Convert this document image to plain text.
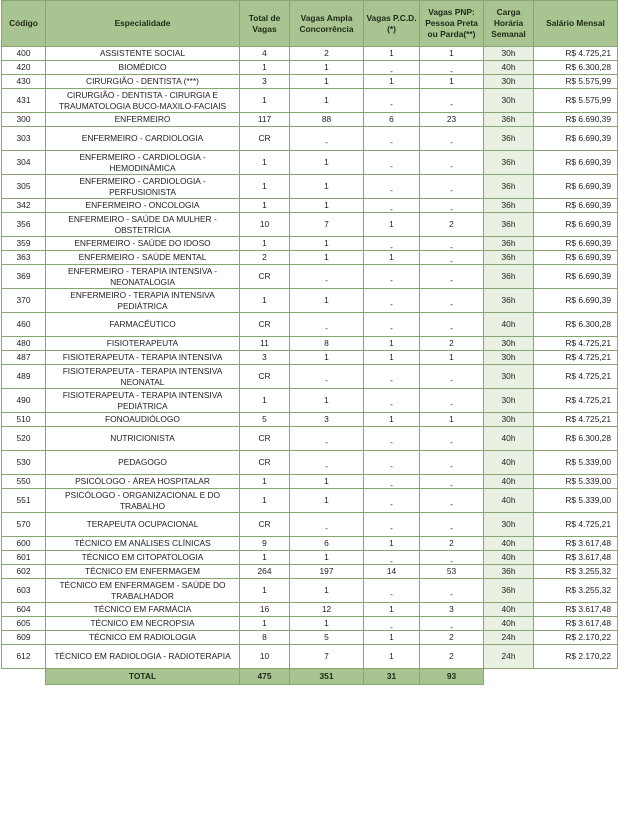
Código	Especialidade	Total de Vagas	Vagas Ampla Concorrência	Vagas P.C.D. (*)	Vagas PNP: Pessoa Preta ou Parda(**)	Carga Horária Semanal	Salário Mensal
400	ASSISTENTE SOCIAL	4	2	1	1	30h	R$ 4.725,21
420	BIOMÉDICO	1	1	-	-	40h	R$ 6.300,28
430	CIRURGIÃO - DENTISTA (***)	3	1	1	1	30h	R$ 5.575,99
431	CIRURGIÃO - DENTISTA - CIRURGIA E TRAUMATOLOGIA BUCO-MAXILO-FACIAIS	1	1	-	-	30h	R$ 5.575,99
300	ENFERMEIRO	117	88	6	23	36h	R$ 6.690,39
303	ENFERMEIRO - CARDIOLOGIA	CR	-	-	-	36h	R$ 6.690,39
304	ENFERMEIRO - CARDIOLOGIA - HEMODINÂMICA	1	1	-	-	36h	R$ 6.690,39
305	ENFERMEIRO - CARDIOLOGIA - PERFUSIONISTA	1	1	-	-	36h	R$ 6.690,39
342	ENFERMEIRO - ONCOLOGIA	1	1	-	-	36h	R$ 6.690,39
356	ENFERMEIRO - SAÚDE DA MULHER - OBSTETRÍCIA	10	7	1	2	36h	R$ 6.690,39
359	ENFERMEIRO - SAÚDE DO IDOSO	1	1	-	-	36h	R$ 6.690,39
363	ENFERMEIRO - SAÚDE MENTAL	2	1	1	-	36h	R$ 6.690,39
369	ENFERMEIRO - TERAPIA INTENSIVA - NEONATALOGIA	CR	-	-	-	36h	R$ 6.690,39
370	ENFERMEIRO - TERAPIA INTENSIVA PEDIÁTRICA	1	1	-	-	36h	R$ 6.690,39
460	FARMACÊUTICO	CR	-	-	-	40h	R$ 6.300,28
480	FISIOTERAPEUTA	11	8	1	2	30h	R$ 4.725,21
487	FISIOTERAPEUTA - TERAPIA INTENSIVA	3	1	1	1	30h	R$ 4.725,21
489	FISIOTERAPEUTA - TERAPIA INTENSIVA NEONATAL	CR	-	-	-	30h	R$ 4.725,21
490	FISIOTERAPEUTA - TERAPIA INTENSIVA PEDIÁTRICA	1	1	-	-	30h	R$ 4.725,21
510	FONOAUDIÓLOGO	5	3	1	1	30h	R$ 4.725,21
520	NUTRICIONISTA	CR	-	-	-	40h	R$ 6.300,28
530	PEDAGOGO	CR	-	-	-	40h	R$ 5.339,00
550	PSICÓLOGO - ÁREA HOSPITALAR	1	1	-	-	40h	R$ 5.339,00
551	PSICÓLOGO - ORGANIZACIONAL E DO TRABALHO	1	1	-	-	40h	R$ 5.339,00
570	TERAPEUTA OCUPACIONAL	CR	-	-	-	30h	R$ 4.725,21
600	TÉCNICO EM ANÁLISES CLÍNICAS	9	6	1	2	40h	R$ 3.617,48
601	TÉCNICO EM CITOPATOLOGIA	1	1	-	-	40h	R$ 3.617,48
602	TÉCNICO EM ENFERMAGEM	264	197	14	53	36h	R$ 3.255,32
603	TÉCNICO EM ENFERMAGEM - SAÚDE DO TRABALHADOR	1	1	-	-	36h	R$ 3.255,32
604	TÉCNICO EM FARMÁCIA	16	12	1	3	40h	R$ 3.617,48
605	TÉCNICO EM NECROPSIA	1	1	-	-	40h	R$ 3.617,48
609	TÉCNICO EM RADIOLOGIA	8	5	1	2	24h	R$ 2.170,22
612	TÉCNICO EM RADIOLOGIA - RADIOTERAPIA	10	7	1	2	24h	R$ 2.170,22
	TOTAL	475	351	31	93		
